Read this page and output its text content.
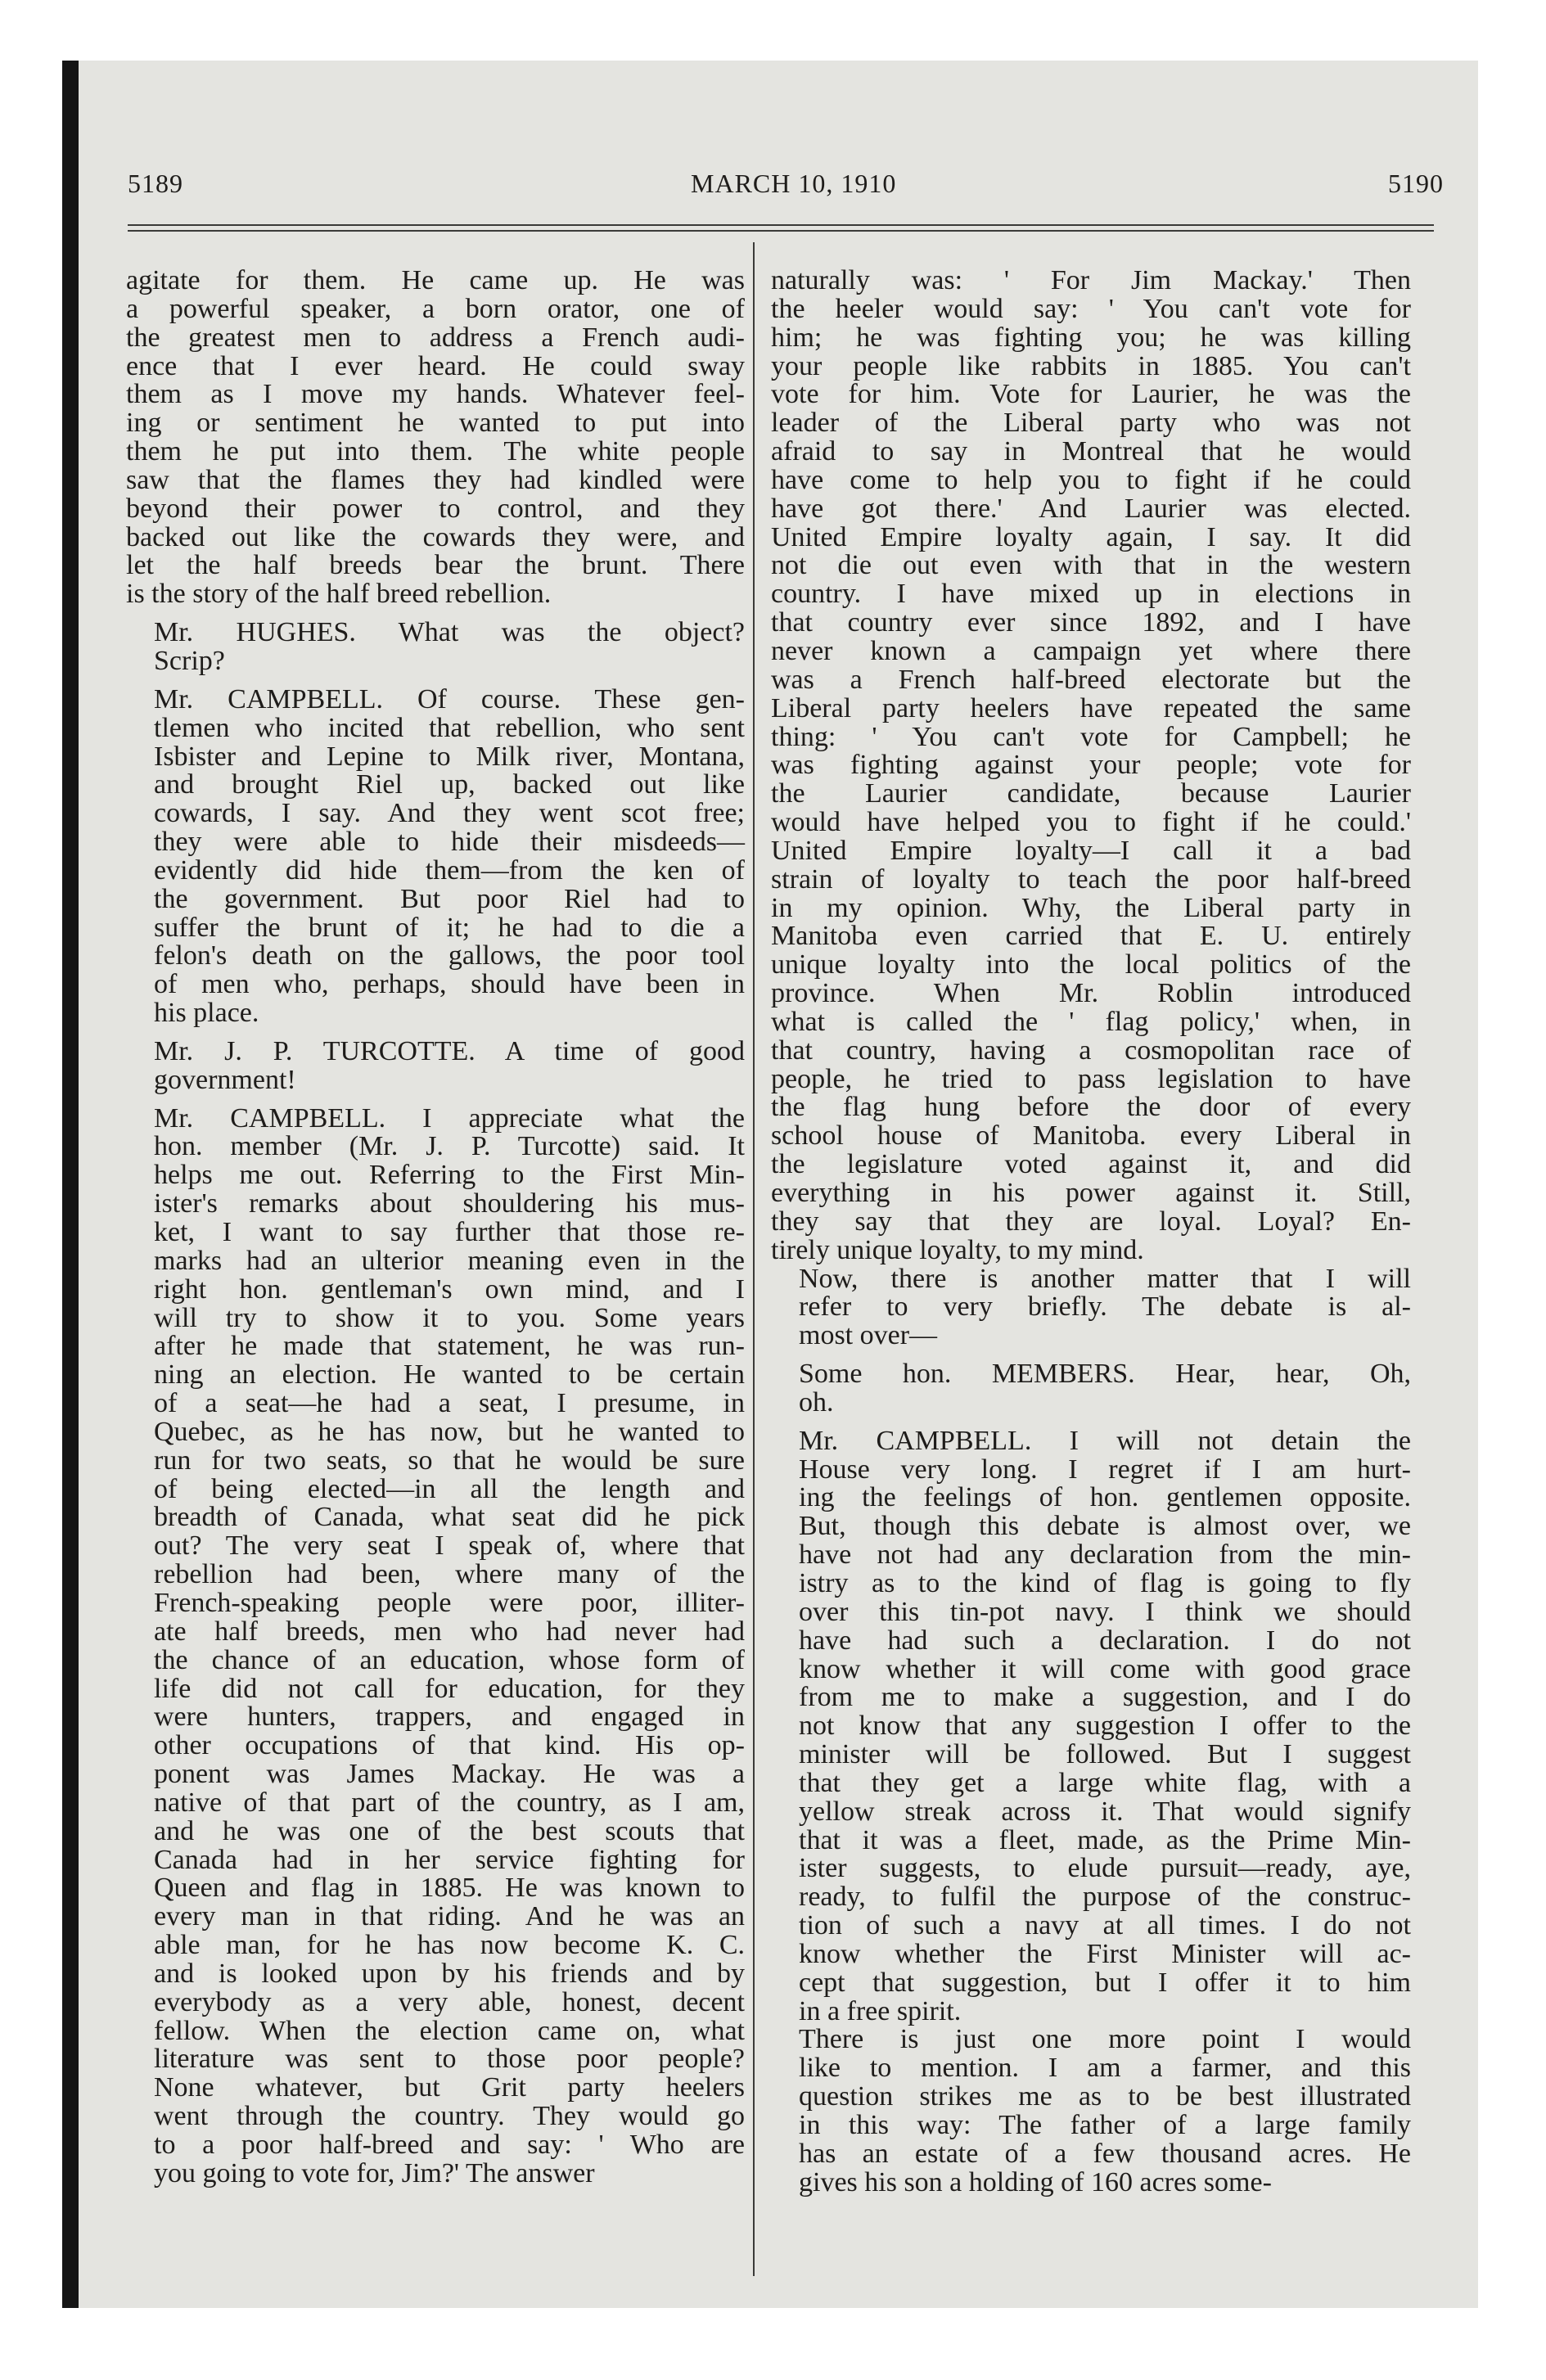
5189	MARCH 10, 1910	5190

agitate for them. He came up. He was
a powerful speaker, a born orator, one of
the greatest men to address a French audi-
ence that I ever heard. He could sway
them as I move my hands. Whatever feel-
ing or sentiment he wanted to put into
them he put into them. The white people
saw that the flames they had kindled were
beyond their power to control, and they
backed out like the cowards they were, and
let the half breeds bear the brunt. There
is the story of the half breed rebellion.

Mr. HUGHES. What was the object?
Scrip?

Mr. CAMPBELL. Of course. These gen-
tlemen who incited that rebellion, who sent
Isbister and Lepine to Milk river, Montana,
and brought Riel up, backed out like
cowards, I say. And they went scot free;
they were able to hide their misdeeds—
evidently did hide them—from the ken of
the government. But poor Riel had to
suffer the brunt of it; he had to die a
felon's death on the gallows, the poor tool
of men who, perhaps, should have been in
his place.

Mr. J. P. TURCOTTE. A time of good
government!

Mr. CAMPBELL. I appreciate what the
hon. member (Mr. J. P. Turcotte) said. It
helps me out. Referring to the First Min-
ister's remarks about shouldering his mus-
ket, I want to say further that those re-
marks had an ulterior meaning even in the
right hon. gentleman's own mind, and I
will try to show it to you. Some years
after he made that statement, he was run-
ning an election. He wanted to be certain
of a seat—he had a seat, I presume, in
Quebec, as he has now, but he wanted to
run for two seats, so that he would be sure
of being elected—in all the length and
breadth of Canada, what seat did he pick
out? The very seat I speak of, where that
rebellion had been, where many of the
French-speaking people were poor, illiter-
ate half breeds, men who had never had
the chance of an education, whose form of
life did not call for education, for they
were hunters, trappers, and engaged in
other occupations of that kind. His op-
ponent was James Mackay. He was a
native of that part of the country, as I am,
and he was one of the best scouts that
Canada had in her service fighting for
Queen and flag in 1885. He was known to
every man in that riding. And he was an
able man, for he has now become K. C.
and is looked upon by his friends and by
everybody as a very able, honest, decent
fellow. When the election came on, what
literature was sent to those poor people?
None whatever, but Grit party heelers
went through the country. They would go
to a poor half-breed and say: ' Who are
you going to vote for, Jim?' The answer

naturally was: ' For Jim Mackay.' Then
the heeler would say: ' You can't vote for
him; he was fighting you; he was killing
your people like rabbits in 1885. You can't
vote for him. Vote for Laurier, he was the
leader of the Liberal party who was not
afraid to say in Montreal that he would
have come to help you to fight if he could
have got there.' And Laurier was elected.
United Empire loyalty again, I say. It did
not die out even with that in the western
country. I have mixed up in elections in
that country ever since 1892, and I have
never known a campaign yet where there
was a French half-breed electorate but the
Liberal party heelers have repeated the same
thing: ' You can't vote for Campbell; he
was fighting against your people; vote for
the Laurier candidate, because Laurier
would have helped you to fight if he could.'
United Empire loyalty—I call it a bad
strain of loyalty to teach the poor half-breed
in my opinion. Why, the Liberal party in
Manitoba even carried that E. U. entirely
unique loyalty into the local politics of the
province. When Mr. Roblin introduced
what is called the ' flag policy,' when, in
that country, having a cosmopolitan race of
people, he tried to pass legislation to have
the flag hung before the door of every
school house of Manitoba. every Liberal in
the legislature voted against it, and did
everything in his power against it. Still,
they say that they are loyal. Loyal? En-
tirely unique loyalty, to my mind.

Now, there is another matter that I will
refer to very briefly. The debate is al-
most over—

Some hon. MEMBERS. Hear, hear, Oh,
oh.

Mr. CAMPBELL. I will not detain the
House very long. I regret if I am hurt-
ing the feelings of hon. gentlemen opposite.
But, though this debate is almost over, we
have not had any declaration from the min-
istry as to the kind of flag is going to fly
over this tin-pot navy. I think we should
have had such a declaration. I do not
know whether it will come with good grace
from me to make a suggestion, and I do
not know that any suggestion I offer to the
minister will be followed. But I suggest
that they get a large white flag, with a
yellow streak across it. That would signify
that it was a fleet, made, as the Prime Min-
ister suggests, to elude pursuit—ready, aye,
ready, to fulfil the purpose of the construc-
tion of such a navy at all times. I do not
know whether the First Minister will ac-
cept that suggestion, but I offer it to him
in a free spirit.

There is just one more point I would
like to mention. I am a farmer, and this
question strikes me as to be best illustrated
in this way: The father of a large family
has an estate of a few thousand acres. He
gives his son a holding of 160 acres some-
